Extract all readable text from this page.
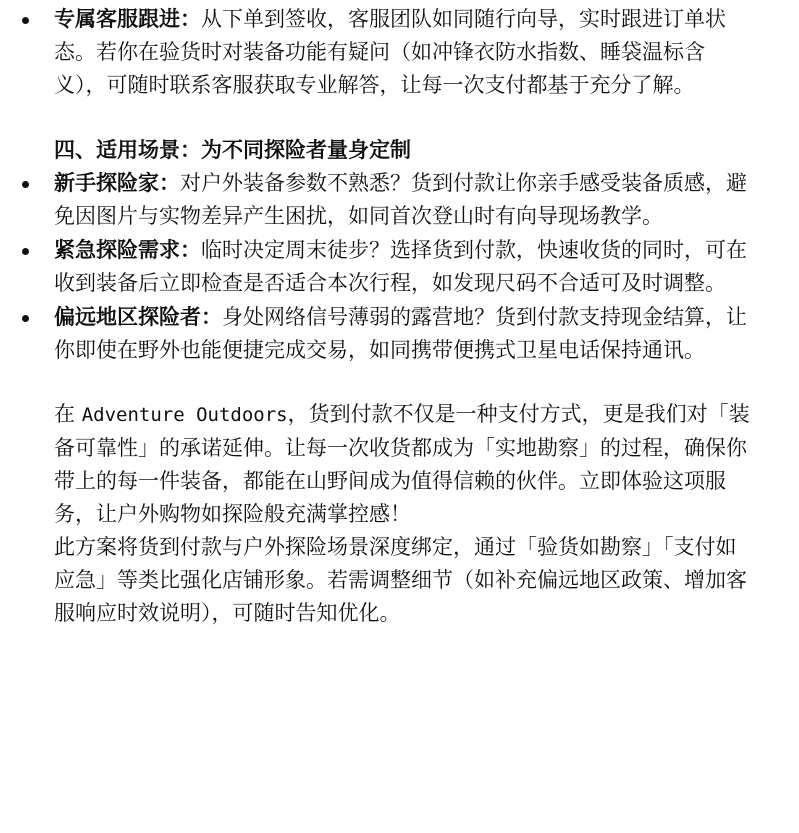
专属客服跟进：从下单到签收，客服团队如同随行向导，实时跟进订单状态。若你在验货时对装备功能有疑问（如冲锋衣防水指数、睡袋温标含义），可随时联系客服获取专业解答，让每一次支付都基于充分了解。
四、适用场景：为不同探险者量身定制
新手探险家：对户外装备参数不熟悉？货到付款让你亲手感受装备质感，避免因图片与实物差异产生困扰，如同首次登山时有向导现场教学。
紧急探险需求：临时决定周末徒步？选择货到付款，快速收货的同时，可在收到装备后立即检查是否适合本次行程，如发现尺码不合适可及时调整。
偏远地区探险者：身处网络信号薄弱的露营地？货到付款支持现金结算，让你即使在野外也能便捷完成交易，如同携带便携式卫星电话保持通讯。
在 Adventure Outdoors，货到付款不仅是一种支付方式，更是我们对「装备可靠性」的承诺延伸。让每一次收货都成为「实地勘察」的过程，确保你带上的每一件装备，都能在山野间成为值得信赖的伙伴。立即体验这项服务，让户外购物如探险般充满掌控感！
此方案将货到付款与户外探险场景深度绑定，通过「验货如勘察」「支付如应急」等类比强化店铺形象。若需调整细节（如补充偏远地区政策、增加客服响应时效说明），可随时告知优化。
